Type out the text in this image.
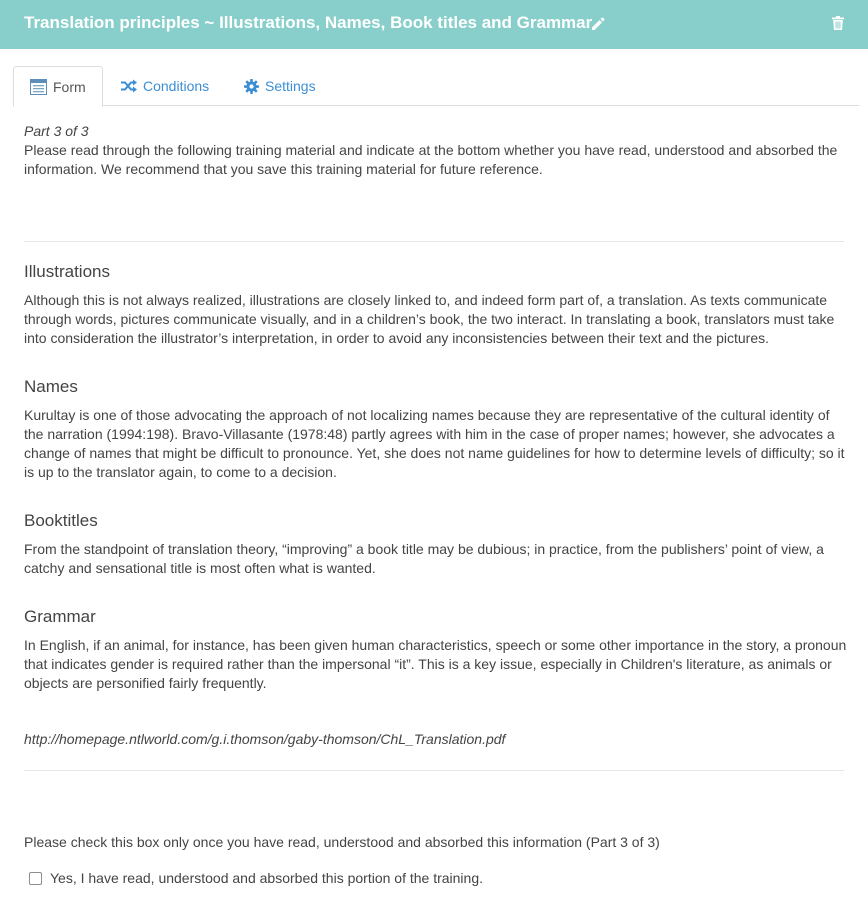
Translation principles ~ Illustrations, Names, Book titles and Grammar
Form	Conditions	Settings
Part 3 of 3
Please read through the following training material and indicate at the bottom whether you have read, understood and absorbed the information. We recommend that you save this training material for future reference.
Illustrations
Although this is not always realized, illustrations are closely linked to, and indeed form part of, a translation. As texts communicate through words, pictures communicate visually, and in a children’s book, the two interact. In translating a book, translators must take into consideration the illustrator’s interpretation, in order to avoid any inconsistencies between their text and the pictures.
Names
Kurultay is one of those advocating the approach of not localizing names because they are representative of the cultural identity of the narration (1994:198). Bravo-Villasante (1978:48) partly agrees with him in the case of proper names; however, she advocates a change of names that might be difficult to pronounce. Yet, she does not name guidelines for how to determine levels of difficulty; so it is up to the translator again, to come to a decision.
Booktitles
From the standpoint of translation theory, “improving” a book title may be dubious; in practice, from the publishers’ point of view, a catchy and sensational title is most often what is wanted.
Grammar
In English, if an animal, for instance, has been given human characteristics, speech or some other importance in the story, a pronoun that indicates gender is required rather than the impersonal “it”. This is a key issue, especially in Children's literature, as animals or objects are personified fairly frequently.
http://homepage.ntlworld.com/g.i.thomson/gaby-thomson/ChL_Translation.pdf
Please check this box only once you have read, understood and absorbed this information (Part 3 of 3)
Yes, I have read, understood and absorbed this portion of the training.
